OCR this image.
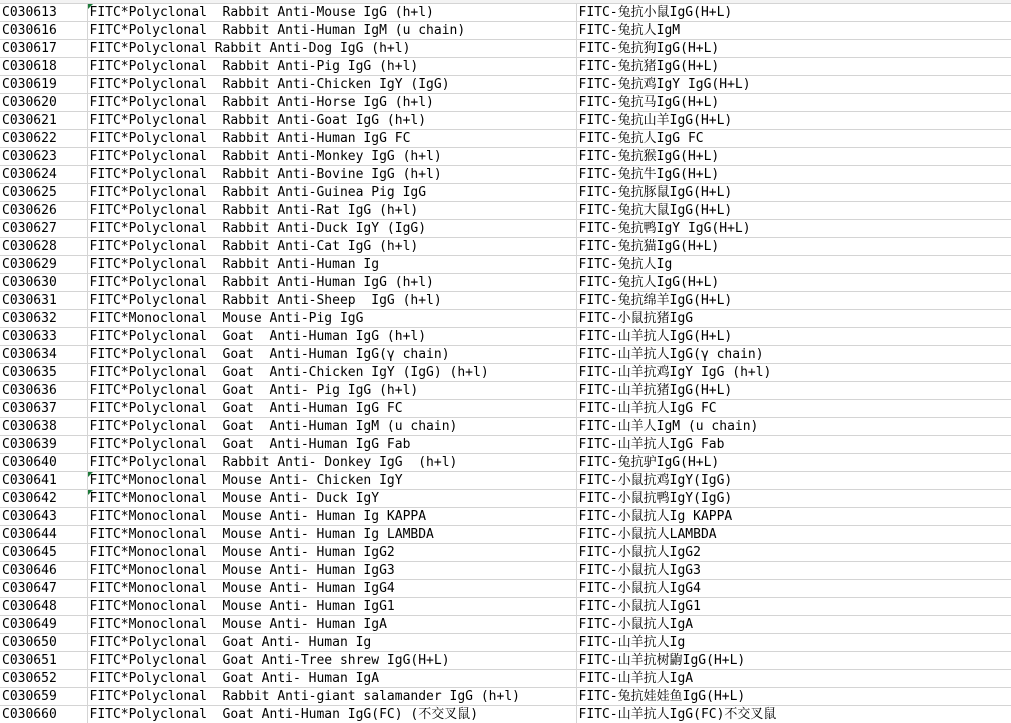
C030613	FITC*Polyclonal  Rabbit Anti-Mouse IgG (h+l)	FITC-兔抗小鼠IgG(H+L)
C030616	FITC*Polyclonal  Rabbit Anti-Human IgM (u chain)	FITC-兔抗人IgM
C030617	FITC*Polyclonal Rabbit Anti-Dog IgG (h+l)	FITC-兔抗狗IgG(H+L)
C030618	FITC*Polyclonal  Rabbit Anti-Pig IgG (h+l)	FITC-兔抗猪IgG(H+L)
C030619	FITC*Polyclonal  Rabbit Anti-Chicken IgY (IgG)	FITC-兔抗鸡IgY IgG(H+L)
C030620	FITC*Polyclonal  Rabbit Anti-Horse IgG (h+l)	FITC-兔抗马IgG(H+L)
C030621	FITC*Polyclonal  Rabbit Anti-Goat IgG (h+l)	FITC-兔抗山羊IgG(H+L)
C030622	FITC*Polyclonal  Rabbit Anti-Human IgG FC	FITC-兔抗人IgG FC
C030623	FITC*Polyclonal  Rabbit Anti-Monkey IgG (h+l)	FITC-兔抗猴IgG(H+L)
C030624	FITC*Polyclonal  Rabbit Anti-Bovine IgG (h+l)	FITC-兔抗牛IgG(H+L)
C030625	FITC*Polyclonal  Rabbit Anti-Guinea Pig IgG	FITC-兔抗豚鼠IgG(H+L)
C030626	FITC*Polyclonal  Rabbit Anti-Rat IgG (h+l)	FITC-兔抗大鼠IgG(H+L)
C030627	FITC*Polyclonal  Rabbit Anti-Duck IgY (IgG)	FITC-兔抗鸭IgY IgG(H+L)
C030628	FITC*Polyclonal  Rabbit Anti-Cat IgG (h+l)	FITC-兔抗猫IgG(H+L)
C030629	FITC*Polyclonal  Rabbit Anti-Human Ig	FITC-兔抗人Ig
C030630	FITC*Polyclonal  Rabbit Anti-Human IgG (h+l)	FITC-兔抗人IgG(H+L)
C030631	FITC*Polyclonal  Rabbit Anti-Sheep  IgG (h+l)	FITC-兔抗绵羊IgG(H+L)
C030632	FITC*Monoclonal  Mouse Anti-Pig IgG	FITC-小鼠抗猪IgG
C030633	FITC*Polyclonal  Goat  Anti-Human IgG (h+l)	FITC-山羊抗人IgG(H+L)
C030634	FITC*Polyclonal  Goat  Anti-Human IgG(γ chain)	FITC-山羊抗人IgG(γ chain)
C030635	FITC*Polyclonal  Goat  Anti-Chicken IgY (IgG) (h+l)	FITC-山羊抗鸡IgY IgG (h+l)
C030636	FITC*Polyclonal  Goat  Anti- Pig IgG (h+l)	FITC-山羊抗猪IgG(H+L)
C030637	FITC*Polyclonal  Goat  Anti-Human IgG FC	FITC-山羊抗人IgG FC
C030638	FITC*Polyclonal  Goat  Anti-Human IgM (u chain)	FITC-山羊人IgM (u chain)
C030639	FITC*Polyclonal  Goat  Anti-Human IgG Fab	FITC-山羊抗人IgG Fab
C030640	FITC*Polyclonal  Rabbit Anti- Donkey IgG  (h+l)	FITC-兔抗驴IgG(H+L)
C030641	FITC*Monoclonal  Mouse Anti- Chicken IgY	FITC-小鼠抗鸡IgY(IgG)
C030642	FITC*Monoclonal  Mouse Anti- Duck IgY	FITC-小鼠抗鸭IgY(IgG)
C030643	FITC*Monoclonal  Mouse Anti- Human Ig KAPPA	FITC-小鼠抗人Ig KAPPA
C030644	FITC*Monoclonal  Mouse Anti- Human Ig LAMBDA	FITC-小鼠抗人LAMBDA
C030645	FITC*Monoclonal  Mouse Anti- Human IgG2	FITC-小鼠抗人IgG2
C030646	FITC*Monoclonal  Mouse Anti- Human IgG3	FITC-小鼠抗人IgG3
C030647	FITC*Monoclonal  Mouse Anti- Human IgG4	FITC-小鼠抗人IgG4
C030648	FITC*Monoclonal  Mouse Anti- Human IgG1	FITC-小鼠抗人IgG1
C030649	FITC*Monoclonal  Mouse Anti- Human IgA	FITC-小鼠抗人IgA
C030650	FITC*Polyclonal  Goat Anti- Human Ig	FITC-山羊抗人Ig
C030651	FITC*Polyclonal  Goat Anti-Tree shrew IgG(H+L)	FITC-山羊抗树鼩IgG(H+L)
C030652	FITC*Polyclonal  Goat Anti- Human IgA	FITC-山羊抗人IgA
C030659	FITC*Polyclonal  Rabbit Anti-giant salamander IgG (h+l)	FITC-兔抗娃娃鱼IgG(H+L)
C030660	FITC*Polyclonal  Goat Anti-Human IgG(FC) (不交叉鼠)	FITC-山羊抗人IgG(FC)不交叉鼠
